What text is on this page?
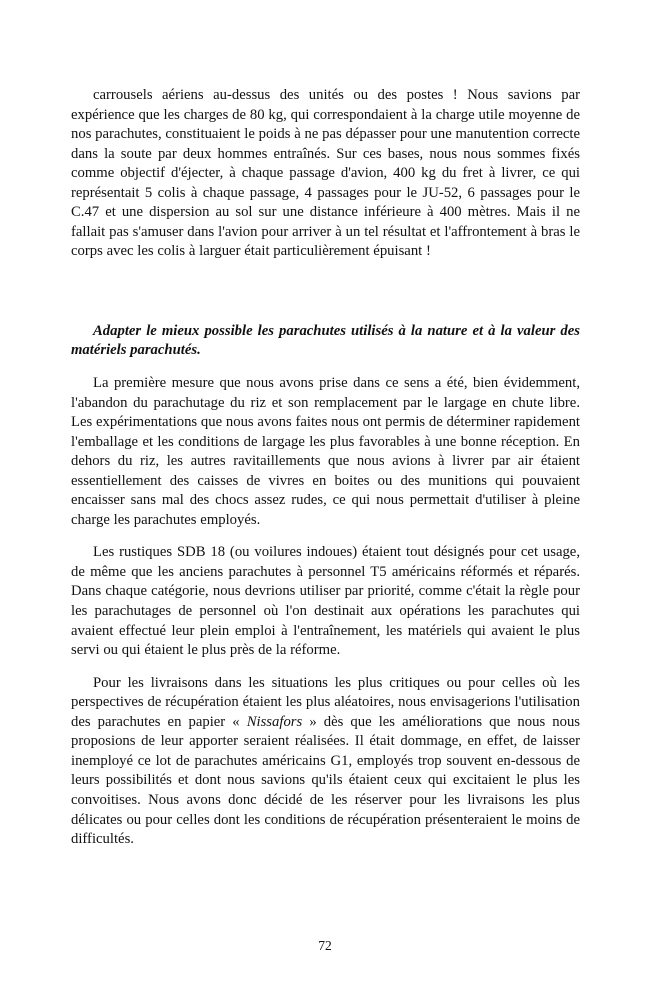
carrousels aériens au-dessus des unités ou des postes ! Nous savions par expérience que les charges de 80 kg, qui correspondaient à la charge utile moyenne de nos parachutes, constituaient le poids à ne pas dépasser pour une manutention correcte dans la soute par deux hommes entraînés. Sur ces bases, nous nous sommes fixés comme objectif d'éjecter, à chaque passage d'avion, 400 kg du fret à livrer, ce qui représentait 5 colis à chaque passage, 4 passages pour le JU-52, 6 passages pour le C.47 et une dispersion au sol sur une distance inférieure à 400 mètres. Mais il ne fallait pas s'amuser dans l'avion pour arriver à un tel résultat et l'affrontement à bras le corps avec les colis à larguer était particulièrement épuisant !

Adapter le mieux possible les parachutes utilisés à la nature et à la valeur des matériels parachutés.

La première mesure que nous avons prise dans ce sens a été, bien évidemment, l'abandon du parachutage du riz et son remplacement par le largage en chute libre. Les expérimentations que nous avons faites nous ont permis de déterminer rapidement l'emballage et les conditions de largage les plus favorables à une bonne réception. En dehors du riz, les autres ravitaillements que nous avions à livrer par air étaient essentiellement des caisses de vivres en boites ou des munitions qui pouvaient encaisser sans mal des chocs assez rudes, ce qui nous permettait d'utiliser à pleine charge les parachutes employés.

Les rustiques SDB 18 (ou voilures indoues) étaient tout désignés pour cet usage, de même que les anciens parachutes à personnel T5 américains réformés et réparés. Dans chaque catégorie, nous devrions utiliser par priorité, comme c'était la règle pour les parachutages de personnel où l'on destinait aux opérations les parachutes qui avaient effectué leur plein emploi à l'entraînement, les matériels qui avaient le plus servi ou qui étaient le plus près de la réforme.

Pour les livraisons dans les situations les plus critiques ou pour celles où les perspectives de récupération étaient les plus aléatoires, nous envisagerions l'utilisation des parachutes en papier « Nissafors » dès que les améliorations que nous nous proposions de leur apporter seraient réalisées. Il était dommage, en effet, de laisser inemployé ce lot de parachutes américains G1, employés trop souvent en-dessous de leurs possibilités et dont nous savions qu'ils étaient ceux qui excitaient le plus les convoitises. Nous avons donc décidé de les réserver pour les livraisons les plus délicates ou pour celles dont les conditions de récupération présenteraient le moins de difficultés.

72
